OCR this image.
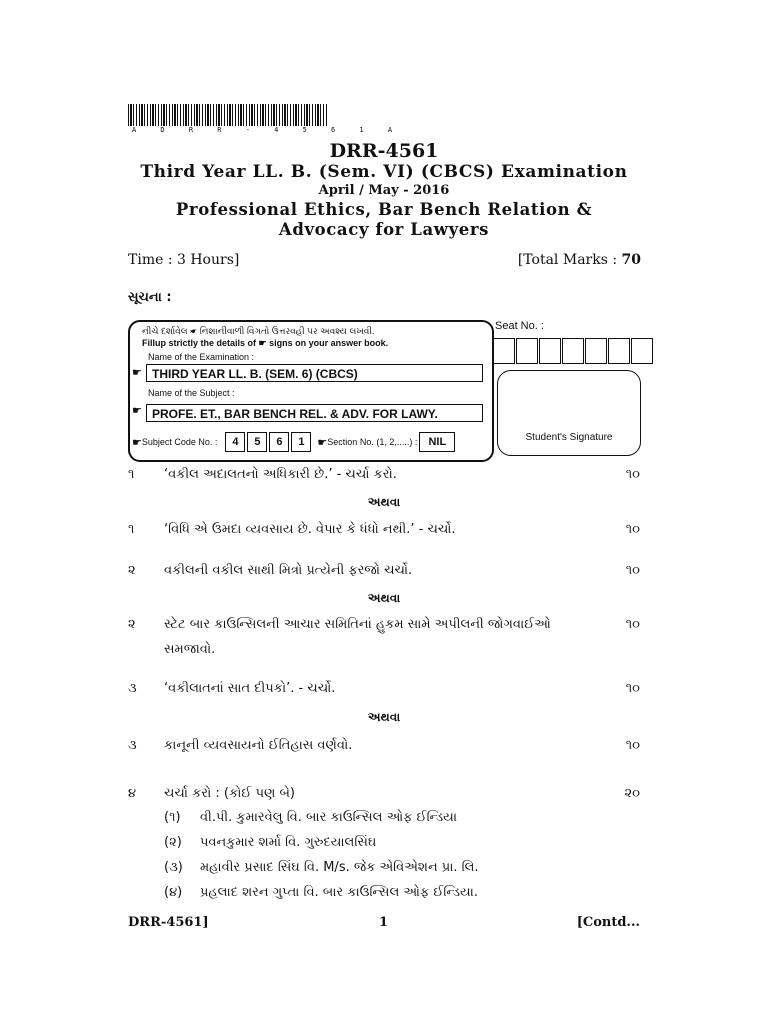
A D R R - 4 5 6 1 A
DRR-4561
Third Year LL. B. (Sem. VI) (CBCS) Examination
April / May - 2016
Professional Ethics, Bar Bench Relation &
Advocacy for Lawyers
Time : 3 Hours]	[Total Marks : 70
સૂચના :
નીચે દર્શાવેલ ☛ નિશાનીવાળી વિગતો ઉત્તરવહી પર અવશ્ય લખવી.
Fillup strictly the details of ☛ signs on your answer book.
Name of the Examination :
☛ THIRD YEAR LL. B. (SEM. 6) (CBCS)
Name of the Subject :
☛ PROFE. ET., BAR BENCH REL. & ADV. FOR LAWY.
☛ Subject Code No. :	4	5	6	1	☛ Section No. (1, 2,.....) :	NIL
Seat No. :
Student's Signature
૧ ‘વકીલ અદાલતનો અધિકારી છે.’ - ચર્ચા કરો.	૧૦
અથવા
૧ ‘વિધિ એ ઉમદા વ્યવસાય છે. વેપાર કે ધંધો નથી.’ - ચર્ચો.	૧૦
૨ વકીલની વકીલ સાથી મિત્રો પ્રત્યેની ફરજો ચર્ચો.	૧૦
અથવા
૨ સ્ટેટ બાર કાઉન્સિલની આચાર સમિતિનાં હુકમ સામે અપીલની જોગવાઈઓ સમજાવો.
૧૦
૩ ‘વકીલાતનાં સાત દીપકો’. - ચર્ચો.	૧૦
અથવા
૩ કાનૂની વ્યવસાયનો ઈતિહાસ વર્ણવો.	૧૦
૪ ચર્ચા કરો : (કોઈ પણ બે)	૨૦
(૧) વી.પી. કુમારવેલુ વિ. બાર કાઉન્સિલ ઓફ ઈન્ડિયા
(૨) પવનકુમાર શર્મા વિ. ગુરુદયાલસિંઘ
(૩) મહાવીર પ્રસાદ સિંઘ વિ. M/s. જેક એવિએશન પ્રા. લિ.
(૪) પ્રહલાદ શરન ગુપ્તા વિ. બાર કાઉન્સિલ ઓફ ઈન્ડિયા.
DRR-4561]	1	[Contd...
